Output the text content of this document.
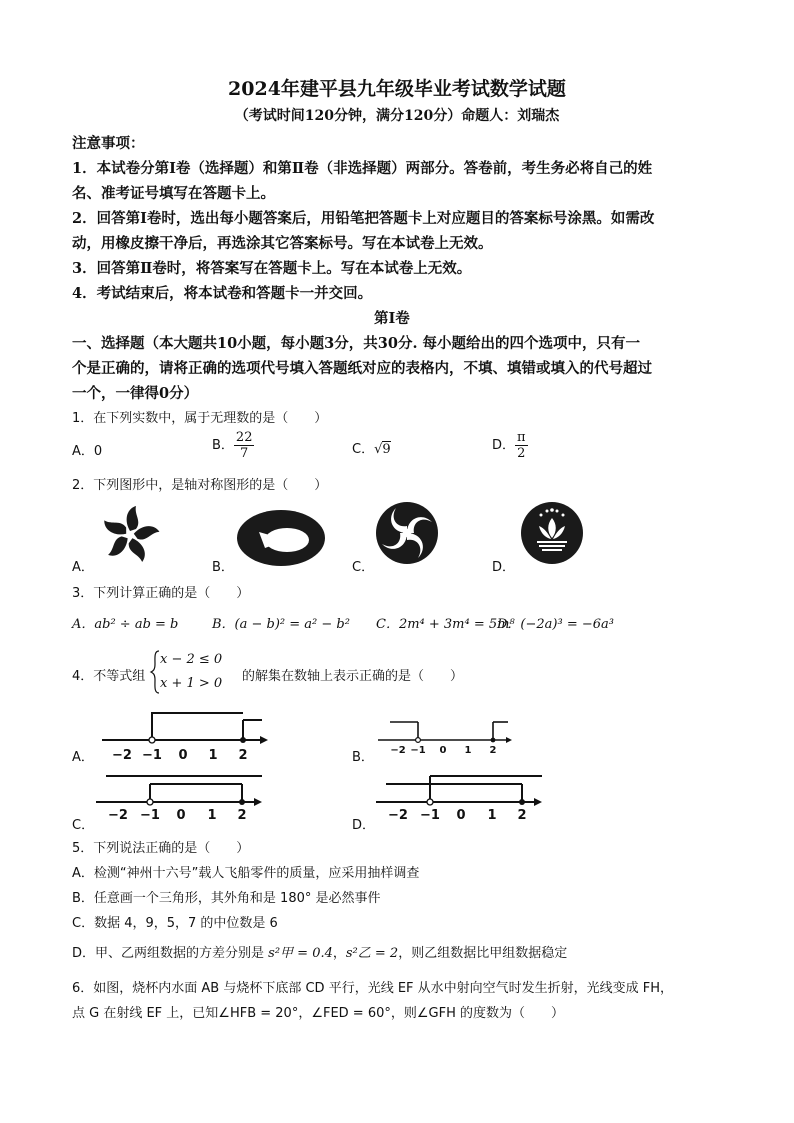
2024年建平县九年级毕业考试数学试题
（考试时间120分钟，满分120分）命题人：刘瑞杰
注意事项：
1．本试卷分第Ⅰ卷（选择题）和第Ⅱ卷（非选择题）两部分。答卷前，考生务必将自己的姓
名、准考证号填写在答题卡上。
2．回答第Ⅰ卷时，选出每小题答案后，用铅笔把答题卡上对应题目的答案标号涂黑。如需改
动，用橡皮擦干净后，再选涂其它答案标号。写在本试卷上无效。
3．回答第Ⅱ卷时，将答案写在答题卡上。写在本试卷上无效。
4．考试结束后，将本试卷和答题卡一并交回。
第Ⅰ卷
一、选择题（本大题共10小题，每小题3分，共30分. 每小题给出的四个选项中，只有一
个是正确的，请将正确的选项代号填入答题纸对应的表格内，不填、填错或填入的代号超过
一个，一律得0分）
1．在下列实数中，属于无理数的是（　　）
A．0	B． $\frac{22}{7}$	C．√9	D． $\frac{\pi}{2}$
2．下列图形中，是轴对称图形的是（　　）
A．	B．	C．	D．
3．下列计算正确的是（　　）
A．ab² ÷ ab = b	B．(a − b)² = a² − b² C．2m⁴ + 3m⁴ = 5m⁸
D．(−2a)³ = −6a³
4．不等式组
x − 2 ≤ 0
x + 1 > 0 的解集在数轴上表示正确的是（　　）
A． −2 −1 0 1 2	B． −2 −1 0 1 2
C．
−2 −1 0 1 2
D．
−2 −1 0 1 2
5．下列说法正确的是（　　）
A．检测“神州十六号”载人飞船零件的质量，应采用抽样调查
B．任意画一个三角形，其外角和是 180° 是必然事件
C．数据 4，9，5，7 的中位数是 6
D．甲、乙两组数据的方差分别是 s²甲 = 0.4，s²乙 = 2，则乙组数据比甲组数据稳定
6．如图，烧杯内水面 AB 与烧杯下底部 CD 平行，光线 EF 从水中射向空气时发生折射，光线变成 FH，
点 G 在射线 EF 上，已知∠HFB = 20°，∠FED = 60°，则∠GFH 的度数为（　　）
